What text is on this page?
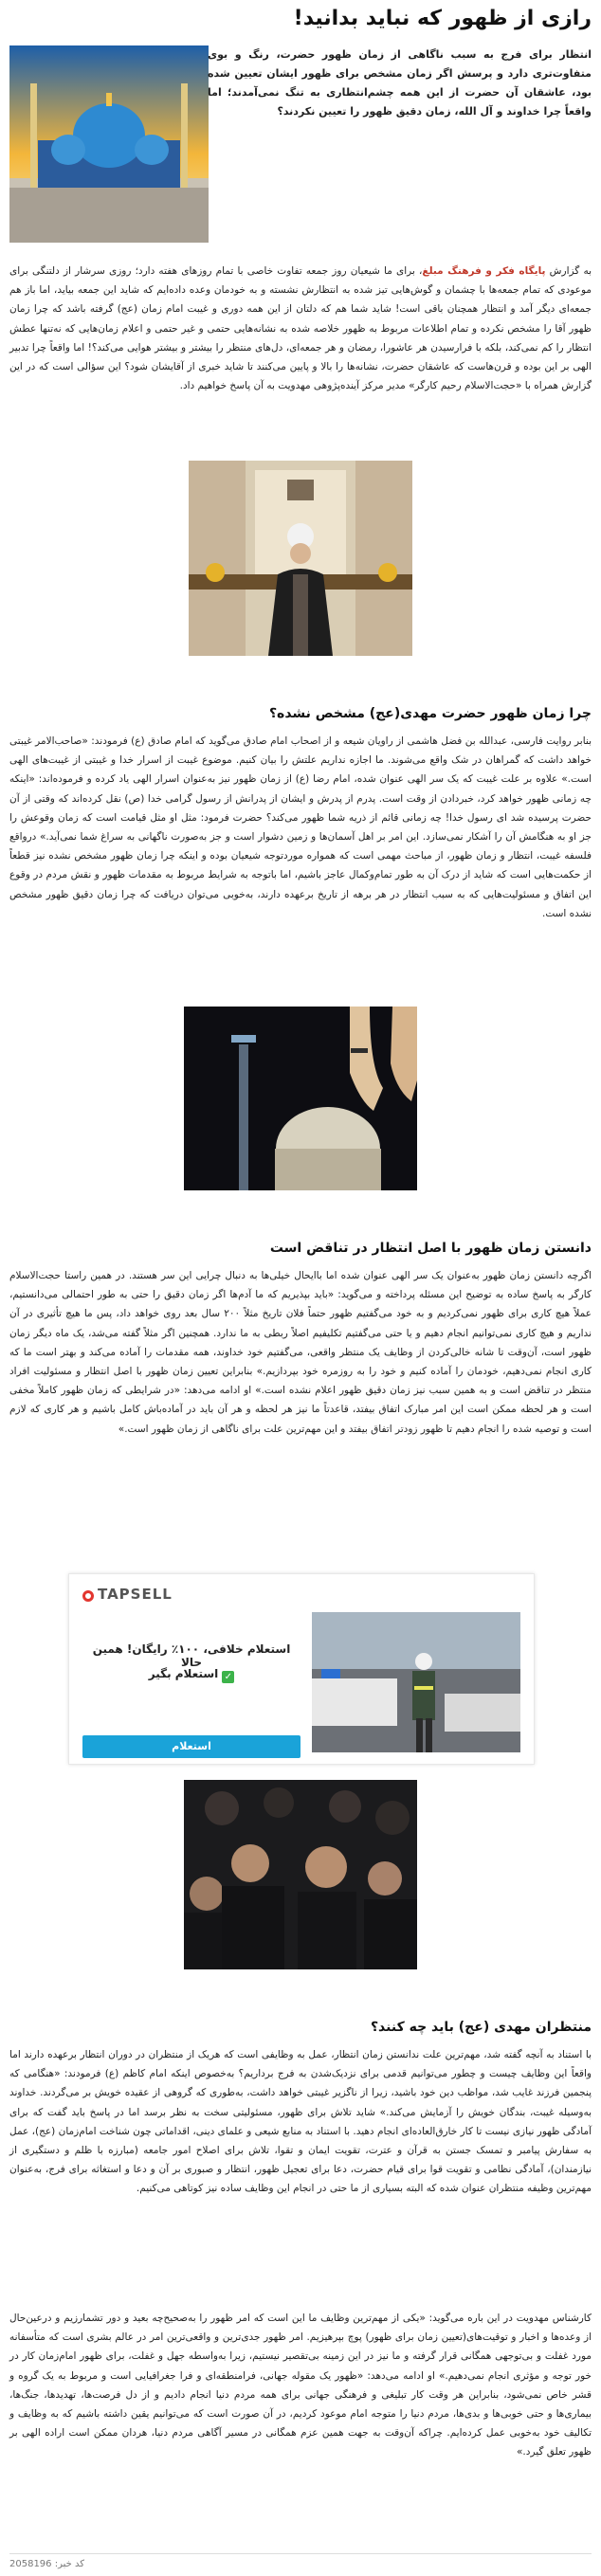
رازی از ظهور که نباید بدانید!
انتظار برای فرج به سبب ناگاهی از زمان ظهور حضرت، رنگ و بوی متفاوت‌تری دارد و پرسش اگر زمان مشخص برای ظهور ایشان تعیین شده بود، عاشقان آن حضرت از این همه چشم‌انتظاری به تنگ نمی‌آمدند؛ اما واقعاً چرا خداوند و آل الله، زمان دقیق ظهور را تعیین نکردند؟

به گزارش پایگاه فکر و فرهنگ مبلغ، برای ما شیعیان روز جمعه تفاوت خاصی با تمام روزهای هفته دارد؛ روزی سرشار از دلتنگی برای موعودی که تمام جمعه‌ها با چشمان و گوش‌هایی تیز شده به انتظارش نشسته و به خودمان وعده داده‌ایم که شاید این جمعه بیاید، اما باز هم جمعه‌ای دیگر آمد و انتظار همچنان باقی است! شاید شما هم که دلتان از این همه دوری و غیبت امام زمان (عج) گرفته باشد که چرا زمان ظهور آقا را مشخص نکرده و تمام اطلاعات مربوط به ظهور خلاصه شده به نشانه‌هایی حتمی و غیر حتمی و اعلام زمان‌هایی که نه‌تنها عطش انتظار را کم نمی‌کند، بلکه با فرارسیدن هر عاشورا، رمضان و هر جمعه‌ای، دل‌های منتظر را بیشتر و بیشتر هوایی می‌کند؟! اما واقعاً چرا تدبیر الهی بر این بوده و قرن‌هاست که عاشقان حضرت، نشانه‌ها را بالا و پایین می‌کنند تا شاید خبری از آقایشان شود؟ این سؤالی است که در این گزارش همراه با «حجت‌الاسلام رحیم کارگر» مدیر مرکز آینده‌پژوهی مهدویت به آن پاسخ خواهیم داد.

چرا زمان ظهور حضرت مهدی(عج) مشخص نشده؟

بنابر روایت فارسی، عبدالله بن فضل هاشمی از راویان شیعه و از اصحاب امام صادق می‌گوید که امام صادق (ع) فرمودند: «صاحب‌الامر غیبتی خواهد داشت که گمراهان در شک واقع می‌شوند. ما اجازه نداریم علتش را بیان کنیم. موضوع غیبت از اسرار خدا و غیبتی از غیبت‌های الهی است.» علاوه بر علت غیبت که یک سر الهی عنوان شده، امام رضا (ع) از زمان ظهور نیز به‌عنوان اسرار الهی یاد کرده و فرموده‌اند: «اینکه چه زمانی ظهور خواهد کرد، خبردادن از وقت است. پدرم از پدرش و ایشان از پدرانش از رسول گرامی خدا (ص) نقل کرده‌اند که وقتی از آن حضرت پرسیده شد ای رسول خدا! چه زمانی قائم از ذریه شما ظهور می‌کند؟ حضرت فرمود: مثل او مثل قیامت است که زمان وقوعش را جز او به هنگامش آن را آشکار نمی‌سازد. این امر بر اهل آسمان‌ها و زمین دشوار است و جز به‌صورت ناگهانی به سراغ شما نمی‌آید.» درواقع فلسفه غیبت، انتظار و زمان ظهور، از مباحث مهمی است که همواره موردتوجه شیعیان بوده و اینکه چرا زمان ظهور مشخص نشده نیز قطعاً از حکمت‌هایی است که شاید از درک آن به طور تمام‌وکمال عاجز باشیم، اما باتوجه به شرایط مربوط به مقدمات ظهور و نقش مردم در وقوع این اتفاق و مسئولیت‌هایی که به سبب انتظار در هر برهه از تاریخ برعهده دارند، به‌خوبی می‌توان دریافت که چرا زمان دقیق ظهور مشخص نشده است.

دانستن زمان ظهور با اصل انتظار در تناقض است

اگرچه دانستن زمان ظهور به‌عنوان یک سر الهی عنوان شده اما باایحال خیلی‌ها به دنبال چرایی این سر هستند. در همین راستا حجت‌الاسلام کارگر به پاسخ ساده به توضیح این مسئله پرداخته و می‌گوید: «باید بپذیریم که ما آدم‌ها اگر زمان دقیق را حتی به طور احتمالی می‌دانستیم، عملاً هیچ کاری برای ظهور نمی‌کردیم و به خود می‌گفتیم ظهور حتماً فلان تاریخ مثلاً ۲۰۰ سال بعد روی خواهد داد، پس ما هیچ تأثیری در آن نداریم و هیچ کاری نمی‌توانیم انجام دهیم و یا حتی می‌گفتیم تکلیفیم اصلاً ربطی به ما ندارد. همچنین اگر مثلاً گفته می‌شد، یک ماه دیگر زمان ظهور است، آن‌وقت تا شانه خالی‌کردن از وظایف یک منتظر واقعی، می‌گفتیم خود خداوند، همه مقدمات را آماده می‌کند و بهتر است ما که کاری انجام نمی‌دهیم، خودمان را آماده کنیم و خود را به روزمره خود بپردازیم.» بنابراین تعیین زمان ظهور با اصل انتظار و مسئولیت افراد منتظر در تناقض است و به همین سبب نیز زمان دقیق ظهور اعلام نشده است.» او ادامه می‌دهد: «در شرایطی که زمان ظهور کاملاً مخفی است و هر لحظه ممکن است این امر مبارک اتفاق بیفتد، قاعدتاً ما نیز هر لحظه و هر آن باید در آماده‌باش کامل باشیم و هر کاری که لازم است و توصیه شده را انجام دهیم تا ظهور زودتر اتفاق بیفتد و این مهم‌ترین علت برای ناگاهی از زمان ظهور است.»

TAPSELL
استعلام خلافی، ۱۰۰٪ رایگان! همین حالا
✓استعلام بگیر
استعلام
منتظران مهدی (عج) باید چه کنند؟

با استناد به آنچه گفته شد، مهم‌ترین علت ندانستن زمان انتظار، عمل به وظایفی است که هریک از منتظران در دوران انتظار برعهده دارند اما واقعاً این وظایف چیست و چطور می‌توانیم قدمی برای نزدیک‌شدن به فرج برداریم؟ به‌خصوص اینکه امام کاظم (ع) فرمودند: «هنگامی که پنجمین فرزند غایب شد، مواظب دین خود باشید، زیرا از ناگزیر غیبتی خواهد داشت، به‌طوری که گروهی از عقیده خویش بر می‌گردند. خداوند به‌وسیله غیبت، بندگان خویش را آزمایش می‌کند.» شاید تلاش برای ظهور، مسئولیتی سخت به نظر برسد اما در پاسخ باید گفت که برای آمادگی ظهور نیازی نیست تا کار خارق‌العاده‌ای انجام دهید. با استناد به منابع شیعی و علمای دینی، اقداماتی چون شناخت امام‌زمان (عج)، عمل به سفارش پیامبر و تمسک جستن به قرآن و عترت، تقویت ایمان و تقوا، تلاش برای اصلاح امور جامعه (مبارزه با ظلم و دستگیری از نیازمندان)، آمادگی نظامی و تقویت قوا برای قیام حضرت، دعا برای تعجیل ظهور، انتظار و صبوری بر آن و دعا و استغاثه برای فرج، به‌عنوان مهم‌ترین وظیفه منتظران عنوان شده که البته بسیاری از ما حتی در انجام این وظایف ساده نیز کوتاهی می‌کنیم.

کارشناس مهدویت در این باره می‌گوید: «یکی از مهم‌ترین وظایف ما این است که امر ظهور را به‌صحیح‌چه بعید و دور تشمارزیم و درعین‌حال از وعده‌ها و اخبار و توقیت‌های(تعیین زمان برای ظهور) پوچ بپرهیزیم. امر ظهور جدی‌ترین و واقعی‌ترین امر در عالم بشری است که متأسفانه مورد غفلت و بی‌توجهی همگانی قرار گرفته و ما نیز در این زمینه بی‌تقصیر نیستیم، زیرا به‌واسطه جهل و غفلت، برای ظهور امام‌زمان کار در خور توجه و مؤثری انجام نمی‌دهیم.» او ادامه می‌دهد: «ظهور یک مقوله جهانی، فرامنطقه‌ای و فرا جغرافیایی است و مربوط به یک گروه و قشر خاص نمی‌شود، بنابراین هر وقت کار تبلیغی و فرهنگی جهانی برای همه مردم دنیا انجام دادیم و از دل فرصت‌ها، تهدیدها، جنگ‌ها، بیماری‌ها و حتی خوبی‌ها و بدی‌ها، مردم دنیا را متوجه امام موعود کردیم، در آن صورت است که می‌توانیم یقین داشته باشیم که به وظایف و تکالیف خود به‌خوبی عمل کرده‌ایم. چراکه آن‌وقت به جهت همین عزم همگانی در مسیر آگاهی مردم دنیا، هردان ممکن است اراده الهی بر ظهور تعلق گیرد.»

کد خبر: 2058196
